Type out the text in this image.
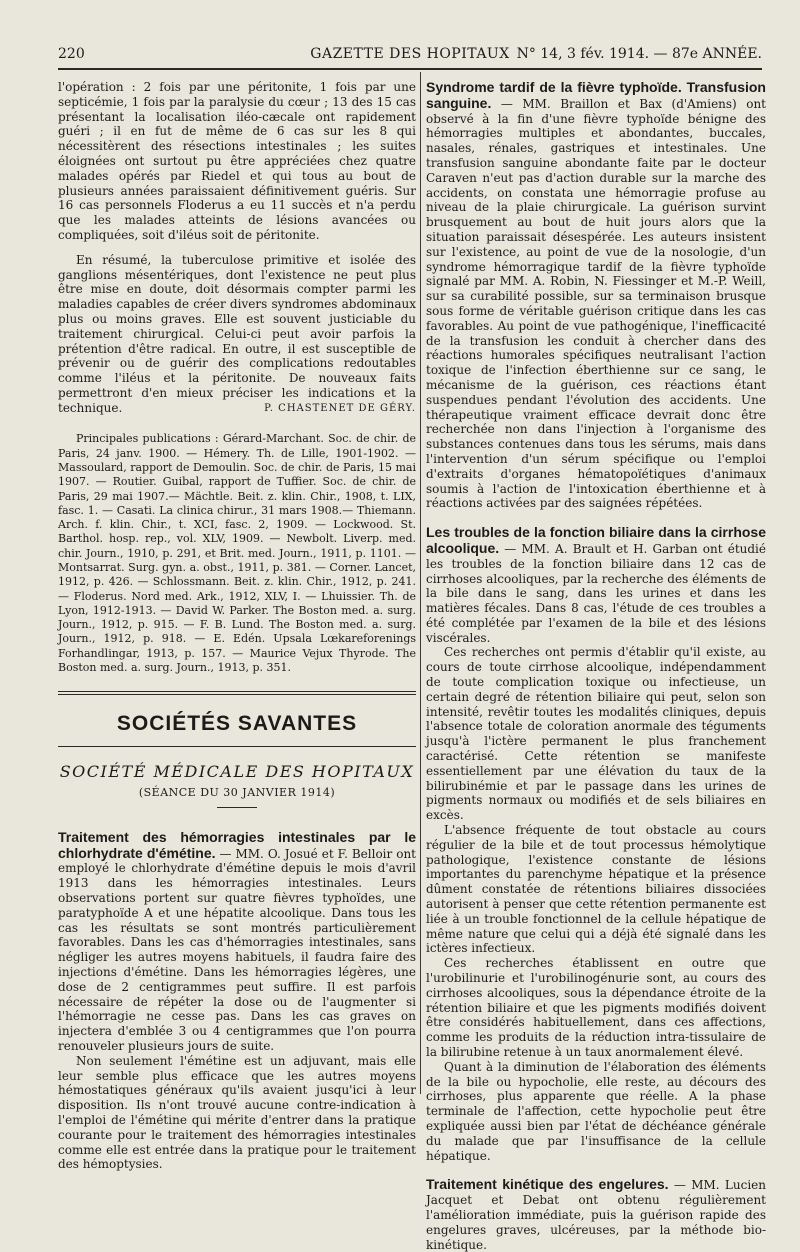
220	GAZETTE DES HOPITAUX N° 14, 3 fév. 1914. — 87e ANNÉE.

l'opération : 2 fois par une péritonite, 1 fois par une septicémie, 1 fois par la paralysie du cœur ; 13 des 15 cas présentant la localisation iléo-cæcale ont rapidement guéri ; il en fut de même de 6 cas sur les 8 qui nécessitèrent des résections intestinales ; les suites éloignées ont surtout pu être appréciées chez quatre malades opérés par Riedel et qui tous au bout de plusieurs années paraissaient définitivement guéris. Sur 16 cas personnels Floderus a eu 11 succès et n'a perdu que les malades atteints de lésions avancées ou compliquées, soit d'iléus soit de péritonite.

En résumé, la tuberculose primitive et isolée des ganglions mésentériques, dont l'existence ne peut plus être mise en doute, doit désormais compter parmi les maladies capables de créer divers syndromes abdominaux plus ou moins graves. Elle est souvent justiciable du traitement chirurgical. Celui-ci peut avoir parfois la prétention d'être radical. En outre, il est susceptible de prévenir ou de guérir des complications redoutables comme l'iléus et la péritonite. De nouveaux faits permettront d'en mieux préciser les indications et la technique.	P. CHASTENET DE GÉRY.

Principales publications : Gérard-Marchant. Soc. de chir. de Paris, 24 janv. 1900. — Hémery. Th. de Lille, 1901-1902. — Massoulard, rapport de Demoulin. Soc. de chir. de Paris, 15 mai 1907. — Routier. Guibal, rapport de Tuffier. Soc. de chir. de Paris, 29 mai 1907.— Mächtle. Beit. z. klin. Chir., 1908, t. LIX, fasc. 1. — Casati. La clinica chirur., 31 mars 1908.— Thiemann. Arch. f. klin. Chir., t. XCI, fasc. 2, 1909. — Lockwood. St. Barthol. hosp. rep., vol. XLV, 1909. — Newbolt. Liverp. med. chir. Journ., 1910, p. 291, et Brit. med. Journ., 1911, p. 1101. — Montsarrat. Surg. gyn. a. obst., 1911, p. 381. — Corner. Lancet, 1912, p. 426. — Schlossmann. Beit. z. klin. Chir., 1912, p. 241.— Floderus. Nord med. Ark., 1912, XLV, I. — Lhuissier. Th. de Lyon, 1912-1913. — David W. Parker. The Boston med. a. surg. Journ., 1912, p. 915. — F. B. Lund. The Boston med. a. surg. Journ., 1912, p. 918. — E. Edén. Upsala Lœkareforenings Forhandlingar, 1913, p. 157. — Maurice Vejux Thyrode. The Boston med. a. surg. Journ., 1913, p. 351.

SOCIÉTÉS SAVANTES
SOCIÉTÉ MÉDICALE DES HOPITAUX
(SÉANCE DU 30 JANVIER 1914)

Traitement des hémorragies intestinales par le chlorhydrate d'émétine. — MM. O. Josué et F. Belloir ont employé le chlorhydrate d'émétine depuis le mois d'avril 1913 dans les hémorragies intestinales. Leurs observations portent sur quatre fièvres typhoïdes, une paratyphoïde A et une hépatite alcoolique. Dans tous les cas les résultats se sont montrés particulièrement favorables. Dans les cas d'hémorragies intestinales, sans négliger les autres moyens habituels, il faudra faire des injections d'émétine. Dans les hémorragies légères, une dose de 2 centigrammes peut suffire. Il est parfois nécessaire de répéter la dose ou de l'augmenter si l'hémorragie ne cesse pas. Dans les cas graves on injectera d'emblée 3 ou 4 centigrammes que l'on pourra renouveler plusieurs jours de suite.

Non seulement l'émétine est un adjuvant, mais elle leur semble plus efficace que les autres moyens hémostatiques généraux qu'ils avaient jusqu'ici à leur disposition. Ils n'ont trouvé aucune contre-indication à l'emploi de l'émétine qui mérite d'entrer dans la pratique courante pour le traitement des hémorragies intestinales comme elle est entrée dans la pratique pour le traitement des hémoptysies.

Syndrome tardif de la fièvre typhoïde. Transfusion sanguine. — MM. Braillon et Bax (d'Amiens) ont observé à la fin d'une fièvre typhoïde bénigne des hémorragies multiples et abondantes, buccales, nasales, rénales, gastriques et intestinales. Une transfusion sanguine abondante faite par le docteur Caraven n'eut pas d'action durable sur la marche des accidents, on constata une hémorragie profuse au niveau de la plaie chirurgicale. La guérison survint brusquement au bout de huit jours alors que la situation paraissait désespérée. Les auteurs insistent sur l'existence, au point de vue de la nosologie, d'un syndrome hémorragique tardif de la fièvre typhoïde signalé par MM. A. Robin, N. Fiessinger et M.-P. Weill, sur sa curabilité possible, sur sa terminaison brusque sous forme de véritable guérison critique dans les cas favorables. Au point de vue pathogénique, l'inefficacité de la transfusion les conduit à chercher dans des réactions humorales spécifiques neutralisant l'action toxique de l'infection éberthienne sur ce sang, le mécanisme de la guérison, ces réactions étant suspendues pendant l'évolution des accidents. Une thérapeutique vraiment efficace devrait donc être recherchée non dans l'injection à l'organisme des substances contenues dans tous les sérums, mais dans l'intervention d'un sérum spécifique ou l'emploi d'extraits d'organes hématopoïétiques d'animaux soumis à l'action de l'intoxication éberthienne et à réactions activées par des saignées répétées.

Les troubles de la fonction biliaire dans la cirrhose alcoolique. — MM. A. Brault et H. Garban ont étudié les troubles de la fonction biliaire dans 12 cas de cirrhoses alcooliques, par la recherche des éléments de la bile dans le sang, dans les urines et dans les matières fécales. Dans 8 cas, l'étude de ces troubles a été complétée par l'examen de la bile et des lésions viscérales.

Ces recherches ont permis d'établir qu'il existe, au cours de toute cirrhose alcoolique, indépendamment de toute complication toxique ou infectieuse, un certain degré de rétention biliaire qui peut, selon son intensité, revêtir toutes les modalités cliniques, depuis l'absence totale de coloration anormale des téguments jusqu'à l'ictère permanent le plus franchement caractérisé. Cette rétention se manifeste essentiellement par une élévation du taux de la bilirubinémie et par le passage dans les urines de pigments normaux ou modifiés et de sels biliaires en excès.

L'absence fréquente de tout obstacle au cours régulier de la bile et de tout processus hémolytique pathologique, l'existence constante de lésions importantes du parenchyme hépatique et la présence dûment constatée de rétentions biliaires dissociées autorisent à penser que cette rétention permanente est liée à un trouble fonctionnel de la cellule hépatique de même nature que celui qui a déjà été signalé dans les ictères infectieux.

Ces recherches établissent en outre que l'urobilinurie et l'urobilinogénurie sont, au cours des cirrhoses alcooliques, sous la dépendance étroite de la rétention biliaire et que les pigments modifiés doivent être considérés habituellement, dans ces affections, comme les produits de la réduction intra-tissulaire de la bilirubine retenue à un taux anormalement élevé.

Quant à la diminution de l'élaboration des éléments de la bile ou hypocholie, elle reste, au décours des cirrhoses, plus apparente que réelle. A la phase terminale de l'affection, cette hypocholie peut être expliquée aussi bien par l'état de déchéance générale du malade que par l'insuffisance de la cellule hépatique.

Traitement kinétique des engelures. — MM. Lucien Jacquet et Debat ont obtenu régulièrement l'amélioration immédiate, puis la guérison rapide des engelures graves, ulcéreuses, par la méthode bio-kinétique.
